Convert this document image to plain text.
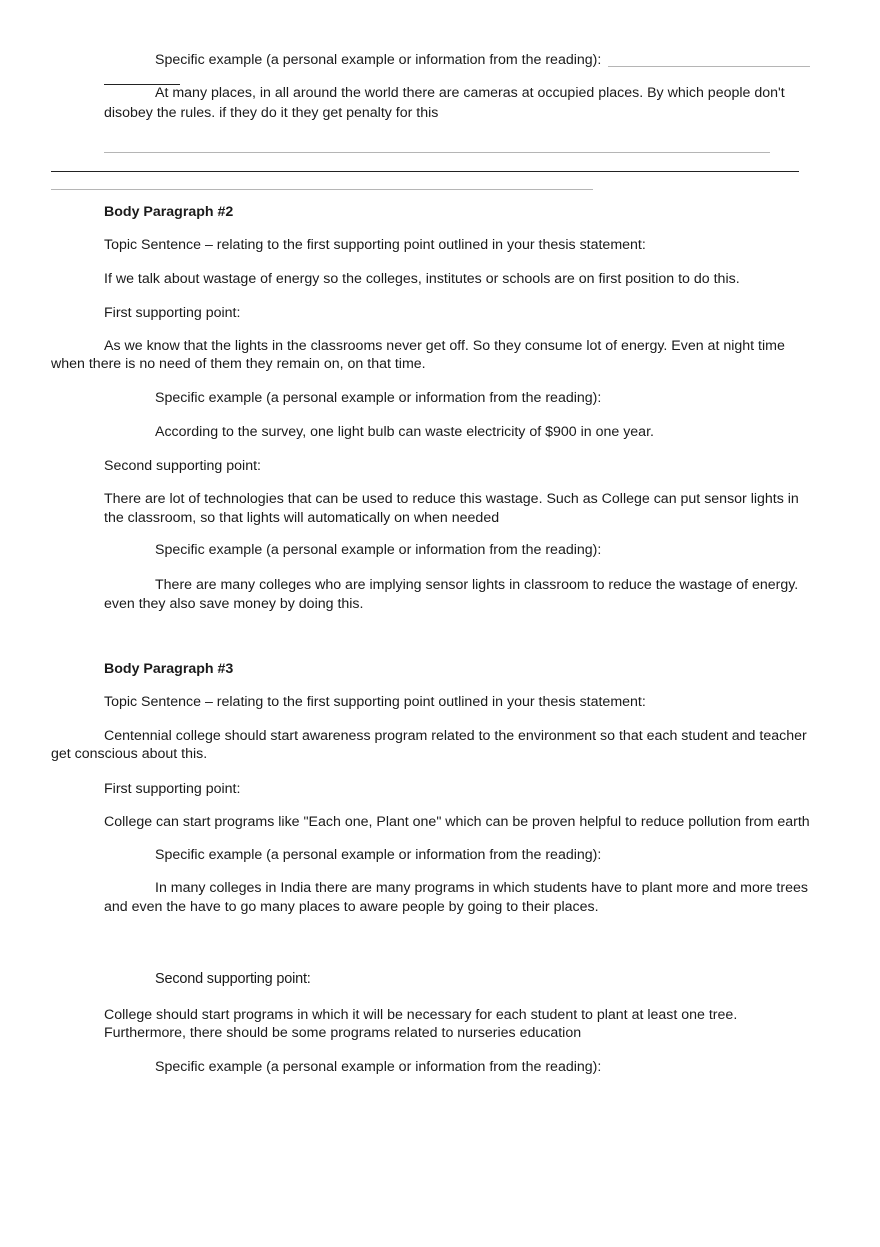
Specific example (a personal example or information from the reading):
At many places, in all around the world there are cameras at occupied places. By which people don't
disobey the rules. if they do it they get penalty for this
Body Paragraph #2
Topic Sentence – relating to the first supporting point outlined in your thesis statement:
If we talk about wastage of energy so the colleges, institutes or schools are on first position to do this.
First supporting point:
As we know that the lights in the classrooms never get off. So they consume lot of energy. Even at night time
when there is no need of them they remain on, on that time.
Specific example (a personal example or information from the reading):
According to the survey, one light bulb can waste electricity of $900 in one year.
Second supporting point:
There are lot of technologies that can be used to reduce this wastage. Such as College can put sensor lights in
the classroom, so that lights will automatically on when needed
Specific example (a personal example or information from the reading):
There are many colleges who are implying sensor lights in classroom to reduce the wastage of energy.
even they also save money by doing this.
Body Paragraph #3
Topic Sentence – relating to the first supporting point outlined in your thesis statement:
Centennial college should start awareness program related to the environment so that each student and teacher
get conscious about this.
First supporting point:
College can start programs like "Each one, Plant one" which can be proven helpful to reduce pollution from earth
Specific example (a personal example or information from the reading):
In many colleges in India there are many programs in which students have to plant more and more trees
and even the have to go many places to aware people by going to their places.
Second supporting point:
College should start programs in which it will be necessary for each student to plant at least one tree.
Furthermore, there should be some programs related to nurseries education
Specific example (a personal example or information from the reading):
